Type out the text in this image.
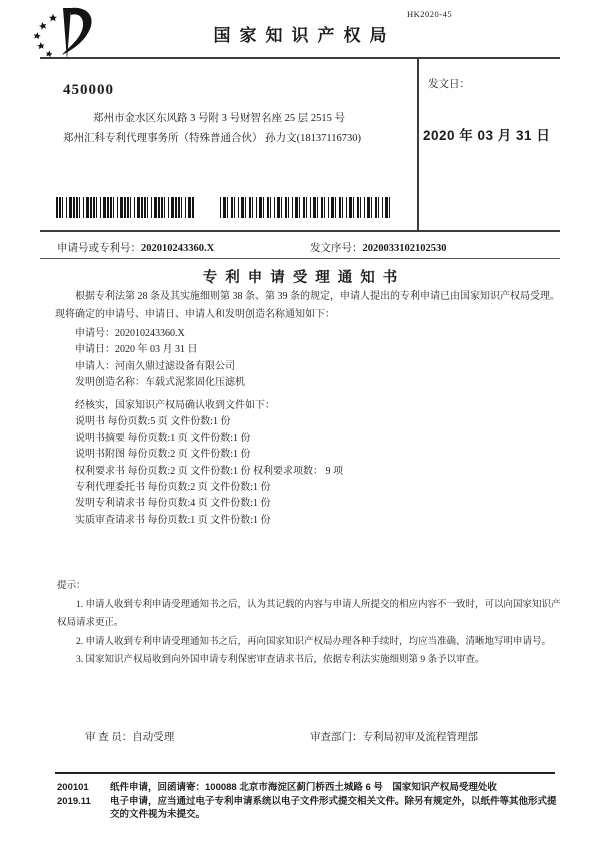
HK2020-45
国家知识产权局
450000
郑州市金水区东风路 3 号附 3 号财智名座 25 层 2515 号
郑州汇科专利代理事务所（特殊普通合伙） 孙力文(18137116730)
发文日：
2020 年 03 月 31 日
申请号或专利号：202010243360.X	发文序号：2020033102102530
专利申请受理通知书

根据专利法第 28 条及其实施细则第 38 条、第 39 条的规定，申请人提出的专利申请已由国家知识产权局受理。现将确定的申请号、申请日、申请人和发明创造名称通知如下：

申请号：202010243360.X
申请日：2020 年 03 月 31 日
申请人：河南久鼎过滤设备有限公司
发明创造名称：车载式泥浆固化压滤机
经核实，国家知识产权局确认收到文件如下：
说明书 每份页数:5 页 文件份数:1 份
说明书摘要 每份页数:1 页 文件份数:1 份
说明书附图 每份页数:2 页 文件份数:1 份
权利要求书 每份页数:2 页 文件份数:1 份 权利要求项数： 9 项
专利代理委托书 每份页数:2 页 文件份数:1 份
发明专利请求书 每份页数:4 页 文件份数:1 份
实质审查请求书 每份页数:1 页 文件份数:1 份

提示：

1. 申请人收到专利申请受理通知书之后，认为其记载的内容与申请人所提交的相应内容不一致时，可以向国家知识产权局请求更正。

2. 申请人收到专利申请受理通知书之后，再向国家知识产权局办理各种手续时，均应当准确、清晰地写明申请号。

3. 国家知识产权局收到向外国申请专利保密审查请求书后，依据专利法实施细则第 9 条予以审查。

审 查 员：自动受理	审查部门：专利局初审及流程管理部
200101	纸件申请，回函请寄：100088 北京市海淀区蓟门桥西土城路 6 号　国家知识产权局受理处收
2019.11	电子申请，应当通过电子专利申请系统以电子文件形式提交相关文件。除另有规定外，以纸件等其他形式提交的文件视为未提交。
